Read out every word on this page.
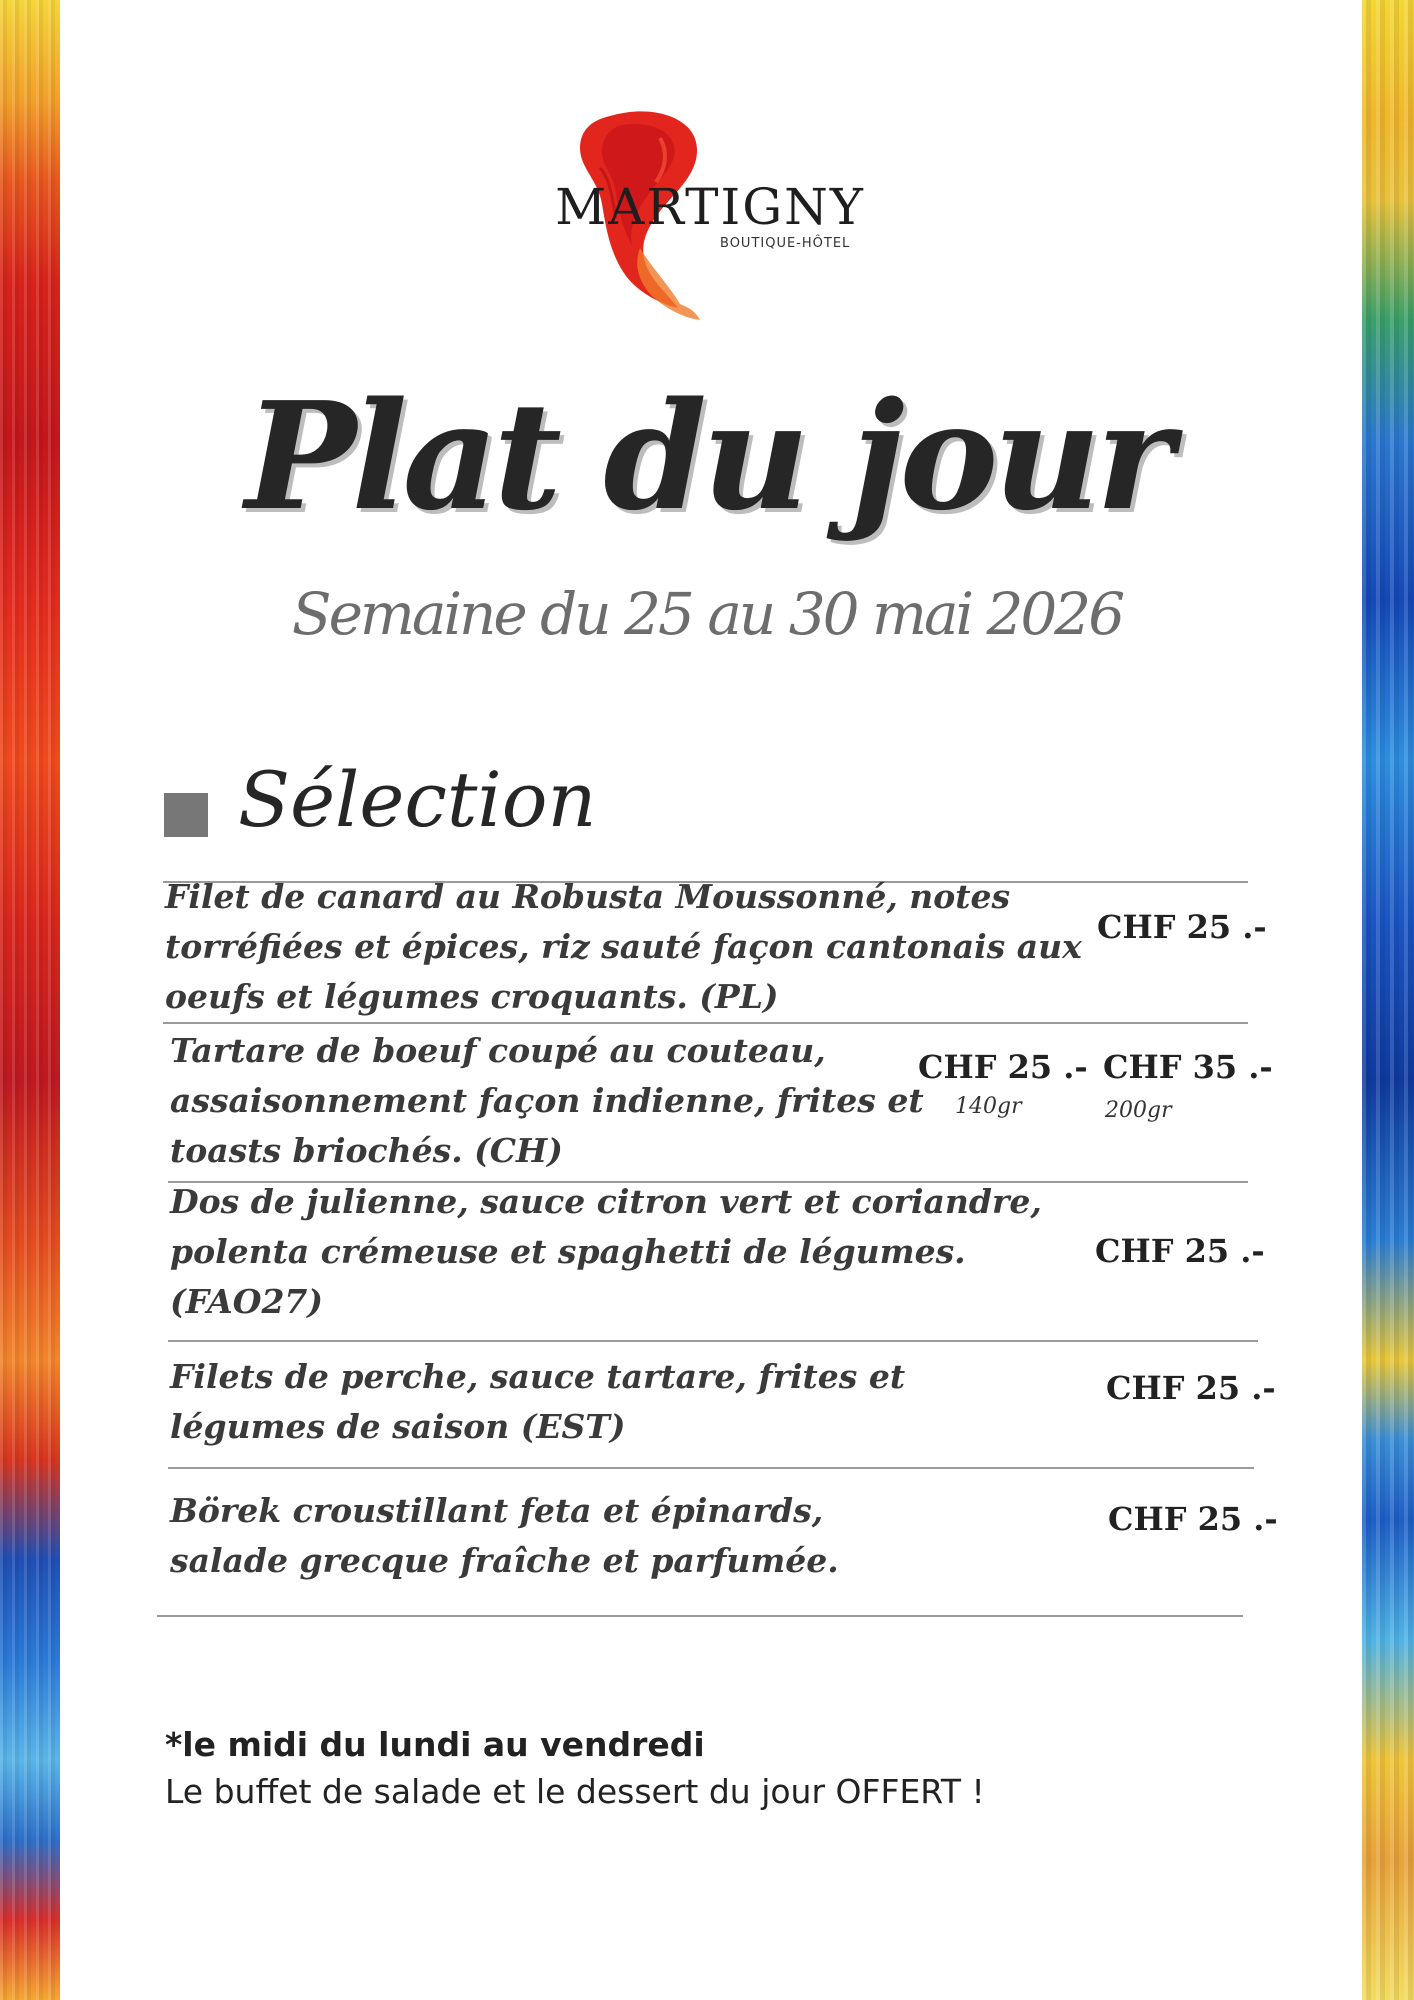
MARTIGNY
BOUTIQUE-HÔTEL
Plat du jour
Semaine du 25 au 30 mai 2026
Sélection
Filet de canard au Robusta Moussonné, notes
torréfiées et épices, riz sauté façon cantonais aux
oeufs et légumes croquants. (PL)
CHF 25 .-
Tartare de boeuf coupé au couteau,
assaisonnement façon indienne, frites et
toasts briochés. (CH)
CHF 25 .-
140gr
CHF 35 .-
200gr
Dos de julienne, sauce citron vert et coriandre,
polenta crémeuse et spaghetti de légumes.
(FAO27)
CHF 25 .-
Filets de perche, sauce tartare, frites et
légumes de saison (EST)
CHF 25 .-
Börek croustillant feta et épinards,
salade grecque fraîche et parfumée.
CHF 25 .-
*le midi du lundi au vendredi
Le buffet de salade et le dessert du jour OFFERT !
